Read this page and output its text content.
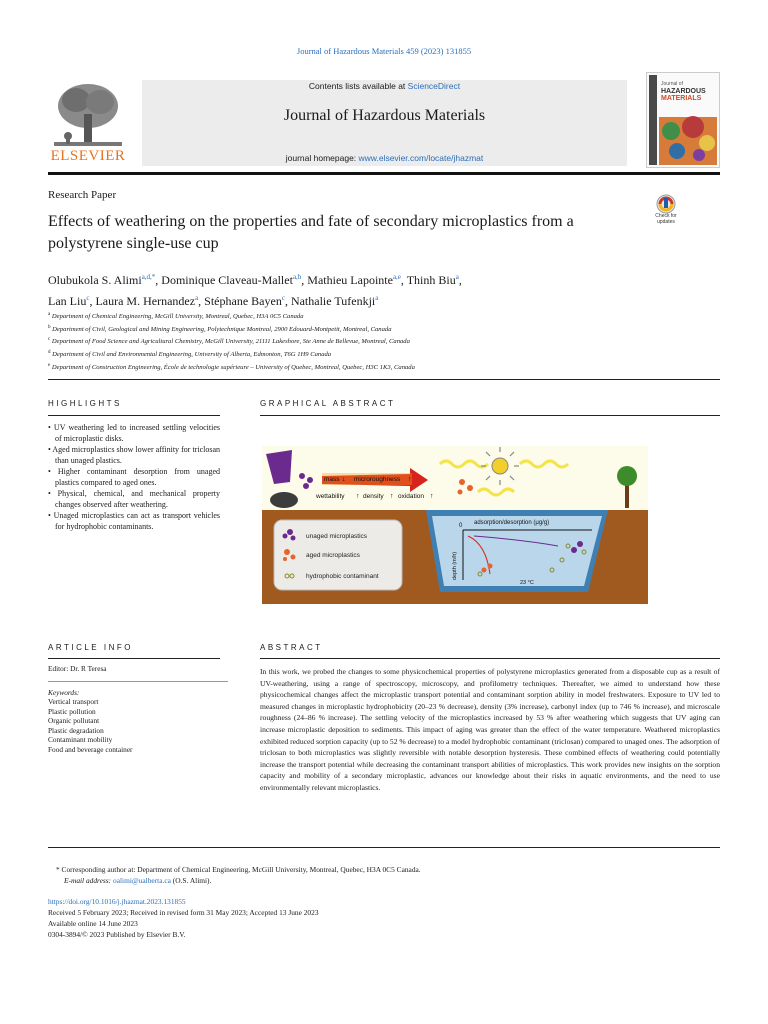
Journal of Hazardous Materials 459 (2023) 131855
ELSEVIER
Contents lists available at ScienceDirect
Journal of Hazardous Materials
journal homepage: www.elsevier.com/locate/jhazmat
Journal of
HAZARDOUS
MATERIALS
Research Paper
Effects of weathering on the properties and fate of secondary microplastics from a polystyrene single-use cup
Check for updates
Olubukola S. Alimi$^{a,d,*}$, Dominique Claveau-Mallet$^{a,b}$, Mathieu Lapointe$^{a,e}$, Thinh Biu$^a$,
Lan Liu$^c$, Laura M. Hernandez$^a$, Stéphane Bayen$^c$, Nathalie Tufenkji$^a$
$^a$ Department of Chemical Engineering, McGill University, Montreal, Quebec, H3A 0C5 Canada
$^b$ Department of Civil, Geological and Mining Engineering, Polytechnique Montreal, 2900 Edouard-Montpetit, Montreal, Canada
$^c$ Department of Food Science and Agricultural Chemistry, McGill University, 21111 Lakeshore, Ste Anne de Bellevue, Montreal, Canada
$^d$ Department of Civil and Environmental Engineering, University of Alberta, Edmonton, T6G 1H9 Canada
$^e$ Department of Construction Engineering, École de technologie supérieure – University of Quebec, Montreal, Quebec, H3C 1K3, Canada
HIGHLIGHTS
• UV weathering led to increased settling velocities of microplastic disks.
• Aged microplastics show lower affinity for triclosan than unaged plastics.
• Higher contaminant desorption from unaged plastics compared to aged ones.
• Physical, chemical, and mechanical property changes observed after weathering.
• Unaged microplastics can act as transport vehicles for hydrophobic contaminants.
GRAPHICAL ABSTRACT
unaged microplastics
aged microplastics
hydrophobic contaminant
mass ↓ microroughness ↑
wettability ↑ density ↑ oxidation ↑
adsorption/desorption (μg/g)
0
depth (m/h)
23 °C
ARTICLE INFO
Editor: Dr. R Teresa
Keywords:
Vertical transport
Plastic pollution
Organic pollutant
Plastic degradation
Contaminant mobility
Food and beverage container
ABSTRACT
In this work, we probed the changes to some physicochemical properties of polystyrene microplastics generated from a disposable cup as a result of UV-weathering, using a range of spectroscopy, microscopy, and profilometry techniques. Thereafter, we aimed to understand how these physicochemical changes affect the microplastic transport potential and contaminant sorption ability in model freshwaters. Exposure to UV led to measured changes in microplastic hydrophobicity (20–23 % decrease), density (3% increase), carbonyl index (up to 746 % increase), and microscale roughness (24–86 % increase). The settling velocity of the microplastics increased by 53 % after weathering which suggests that UV aging can increase microplastic deposition to sediments. This impact of aging was greater than the effect of the water temperature. Weathered microplastics exhibited reduced sorption capacity (up to 52 % decrease) to a model hydrophobic contaminant (triclosan) compared to unaged ones. The adsorption of triclosan to both microplastics was slightly reversible with notable desorption hysteresis. These combined effects of weathering could potentially increase the transport potential while decreasing the contaminant transport abilities of microplastics. This work provides new insights on the sorption capacity and mobility of a secondary microplastic, advances our knowledge about their risks in aquatic environments, and the need to use environmentally relevant microplastics.
* Corresponding author at: Department of Chemical Engineering, McGill University, Montreal, Quebec, H3A 0C5 Canada.
E-mail address: oalimi@ualberta.ca (O.S. Alimi).
https://doi.org/10.1016/j.jhazmat.2023.131855
Received 5 February 2023; Received in revised form 31 May 2023; Accepted 13 June 2023
Available online 14 June 2023
0304-3894/© 2023 Published by Elsevier B.V.
